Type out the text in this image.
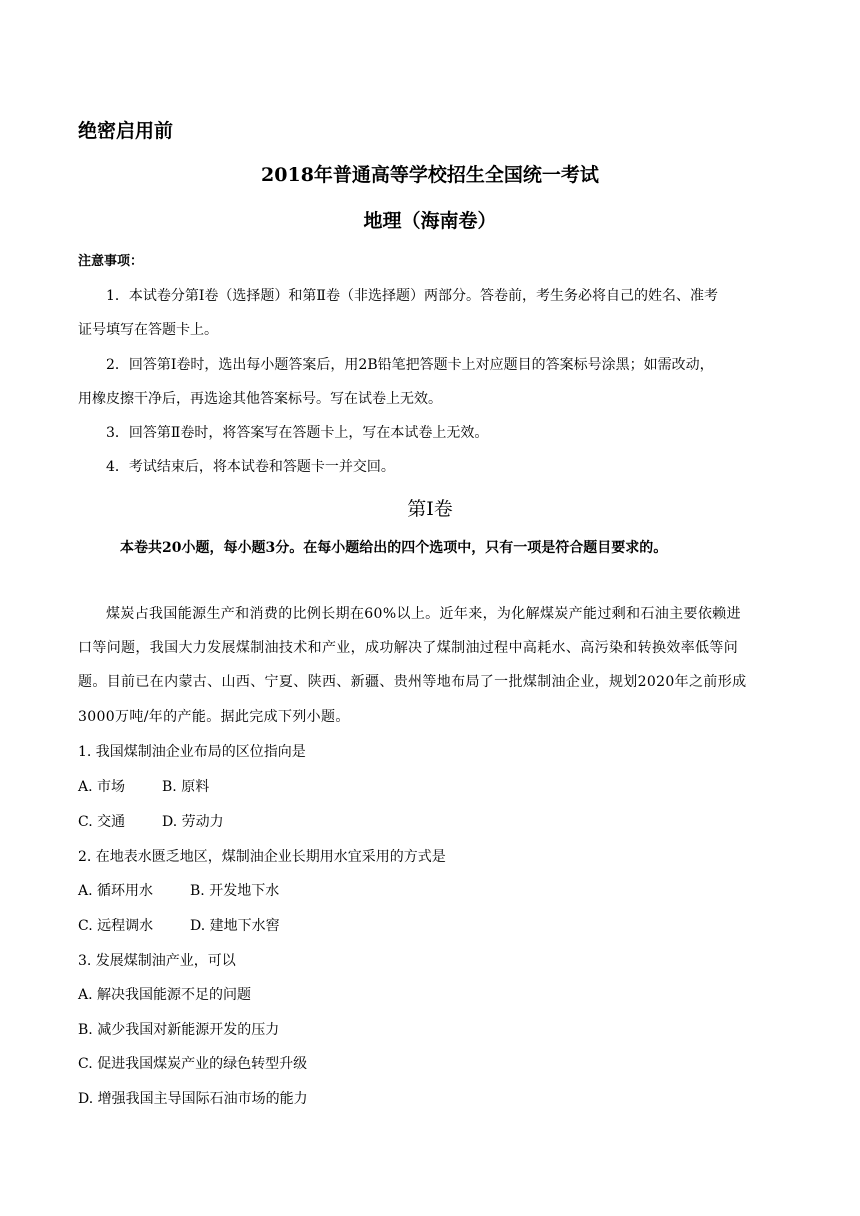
绝密启用前
2018年普通高等学校招生全国统一考试
地理（海南卷）
注意事项：
1．本试卷分第Ⅰ卷（选择题）和第Ⅱ卷（非选择题）两部分。答卷前，考生务必将自己的姓名、准考
证号填写在答题卡上。
2．回答第Ⅰ卷时，选出每小题答案后，用2B铅笔把答题卡上对应题目的答案标号涂黑；如需改动，
用橡皮擦干净后，再选途其他答案标号。写在试卷上无效。
3．回答第Ⅱ卷时，将答案写在答题卡上，写在本试卷上无效。
4．考试结束后，将本试卷和答题卡一并交回。
第Ⅰ卷
本卷共20小题，每小题3分。在每小题给出的四个选项中，只有一项是符合题目要求的。
煤炭占我国能源生产和消费的比例长期在60%以上。近年来，为化解煤炭产能过剩和石油主要依赖进
口等问题，我国大力发展煤制油技术和产业，成功解决了煤制油过程中高耗水、高污染和转换效率低等问
题。目前已在内蒙古、山西、宁夏、陕西、新疆、贵州等地布局了一批煤制油企业，规划2020年之前形成
3000万吨/年的产能。据此完成下列小题。
1. 我国煤制油企业布局的区位指向是
A. 市场	B. 原料
C. 交通	D. 劳动力
2. 在地表水匮乏地区，煤制油企业长期用水宜采用的方式是
A. 循环用水	B. 开发地下水
C. 远程调水	D. 建地下水窖
3. 发展煤制油产业，可以
A. 解决我国能源不足的问题
B. 减少我国对新能源开发的压力
C. 促进我国煤炭产业的绿色转型升级
D. 增强我国主导国际石油市场的能力
